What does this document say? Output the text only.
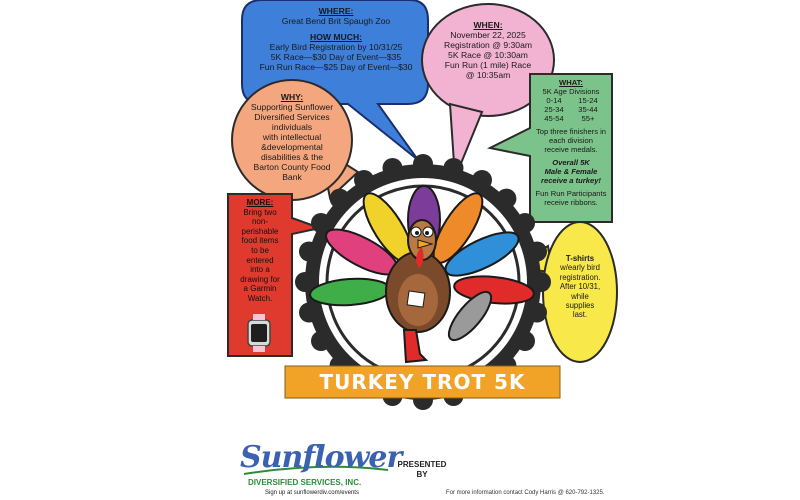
WHERE:
Great Bend Brit Spaugh Zoo
HOW MUCH:
Early Bird Registration by 10/31/25
5K Race—$30 Day of Event—$35
Fun Run Race—$25 Day of Event—$30
WHEN:
November 22, 2025
Registration @ 9:30am
5K Race @ 10:30am
Fun Run (1 mile) Race
@ 10:35am
WHY:
Supporting Sunflower
Diversified Services
individuals
with intellectual
&developmental
disabilities & the
Barton County Food
Bank
WHAT:
5K Age Divisions
0-14 15-24
25-34 35-44
45-54 55+
Top three finishers in
each division
receive medals.
Overall 5K
Male & Female
receive a turkey!
Fun Run Participants
receive ribbons.
MORE:
Bring two
non-
perishable
food items
to be
entered
into a
drawing for
a Garmin
Watch.
T-shirts
w/early bird
registration.
After 10/31,
while
supplies
last.
TURKEY TROT 5K
Sunflower
DIVERSIFIED SERVICES, INC.
Sign up at sunflowerdiv.com/events
PRESENTED
BY
For more information contact Cody Harris @ 620-792-1325.
